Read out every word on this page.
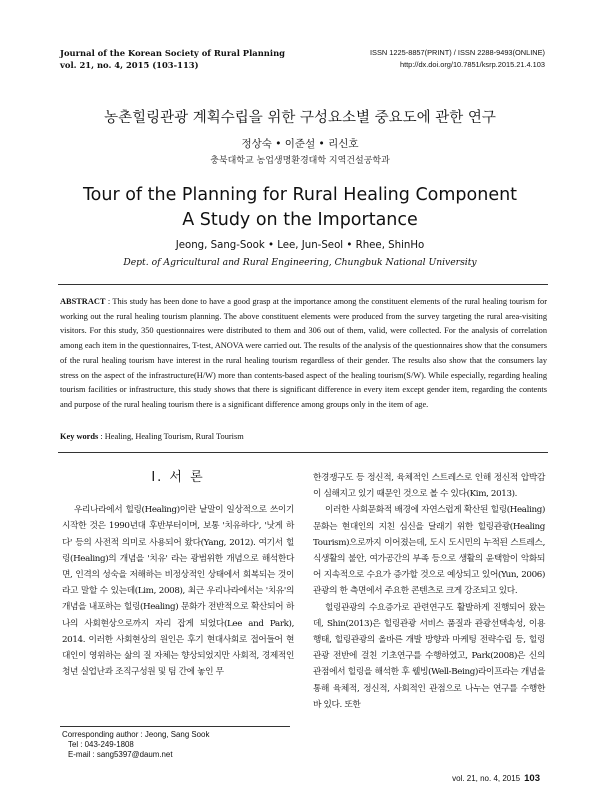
Journal of the Korean Society of Rural Planning
vol. 21, no. 4, 2015 (103-113)
ISSN 1225-8857(PRINT) / ISSN 2288-9493(ONLINE)
http://dx.doi.org/10.7851/ksrp.2015.21.4.103
농촌힐링관광 계획수립을 위한 구성요소별 중요도에 관한 연구
정상숙 • 이준설 • 리신호
충북대학교 농업생명환경대학 지역건설공학과
Tour of the Planning for Rural Healing Component
A Study on the Importance
Jeong, Sang-Sook • Lee, Jun-Seol • Rhee, ShinHo
Dept. of Agricultural and Rural Engineering, Chungbuk National University
ABSTRACT : This study has been done to have a good grasp at the importance among the constituent elements of the rural healing tourism for working out the rural healing tourism planning. The above constituent elements were produced from the survey targeting the rural area-visiting visitors. For this study, 350 questionnaires were distributed to them and 306 out of them, valid, were collected. For the analysis of correlation among each item in the questionnaires, T-test, ANOVA were carried out. The results of the analysis of the questionnaires show that the consumers of the rural healing tourism have interest in the rural healing tourism regardless of their gender. The results also show that the consumers lay stress on the aspect of the infrastructure(H/W) more than contents-based aspect of the healing tourism(S/W). While especially, regarding healing tourism facilities or infrastructure, this study shows that there is significant difference in every item except gender item, regarding the contents and purpose of the rural healing tourism there is a significant difference among groups only in the item of age.
Key words : Healing, Healing Tourism, Rural Tourism
I. 서 론

우리나라에서 힐링(Healing)이란 낱말이 일상적으로 쓰이기 시작한 것은 1990년대 후반부터이며, 보통 '치유하다', '낫게 하다' 등의 사전적 의미로 사용되어 왔다(Yang, 2012). 여기서 힐링(Healing)의 개념을 '치유' 라는 광범위한 개념으로 해석한다면, 인격의 성숙을 저해하는 비정상적인 상태에서 회복되는 것이라고 말할 수 있는데(Lim, 2008), 최근 우리나라에서는 '치유'의 개념을 내포하는 힐링(Healing) 문화가 전반적으로 확산되어 하나의 사회현상으로까지 자리 잡게 되었다(Lee and Park), 2014. 이러한 사회현상의 원인은 후기 현대사회로 접어들어 현대인이 영위하는 삶의 질 자체는 향상되었지만 사회적, 경제적인 청년 실업난과 조직구성원 및 팀 간에 놓인 무

한경쟁구도 등 정신적, 육체적인 스트레스로 인해 정신적 압박감이 심해지고 있기 때문인 것으로 볼 수 있다(Kim, 2013).

이러한 사회문화적 배경에 자연스럽게 확산된 힐링(Healing)문화는 현대인의 지친 심신을 달래기 위한 힐링관광(Healing Tourism)으로까지 이어졌는데, 도시 도시민의 누적된 스트레스, 식생활의 불안, 여가공간의 부족 등으로 생활의 윤택함이 악화되어 지속적으로 수요가 증가할 것으로 예상되고 있어(Yun, 2006) 관광의 한 측면에서 주요한 콘텐츠로 크게 강조되고 있다.

힐링관광의 수요증가로 관련연구도 활발하게 진행되어 왔는데, Shin(2013)은 힐링관광 서비스 품질과 관광선택속성, 이용행태, 힐링관광의 올바른 개발 방향과 마케팅 전략수립 등, 힐링관광 전반에 걸친 기초연구를 수행하였고, Park(2008)은 신의 관점에서 힐링을 해석한 후 웰빙(Well-Being)라이프라는 개념을 통해 육체적, 정신적, 사회적인 관점으로 나누는 연구를 수행한 바 있다. 또한

Corresponding author : Jeong, Sang Sook
Tel : 043-249-1808
E-mail : sang5397@daum.net
vol. 21, no. 4, 2015 103
